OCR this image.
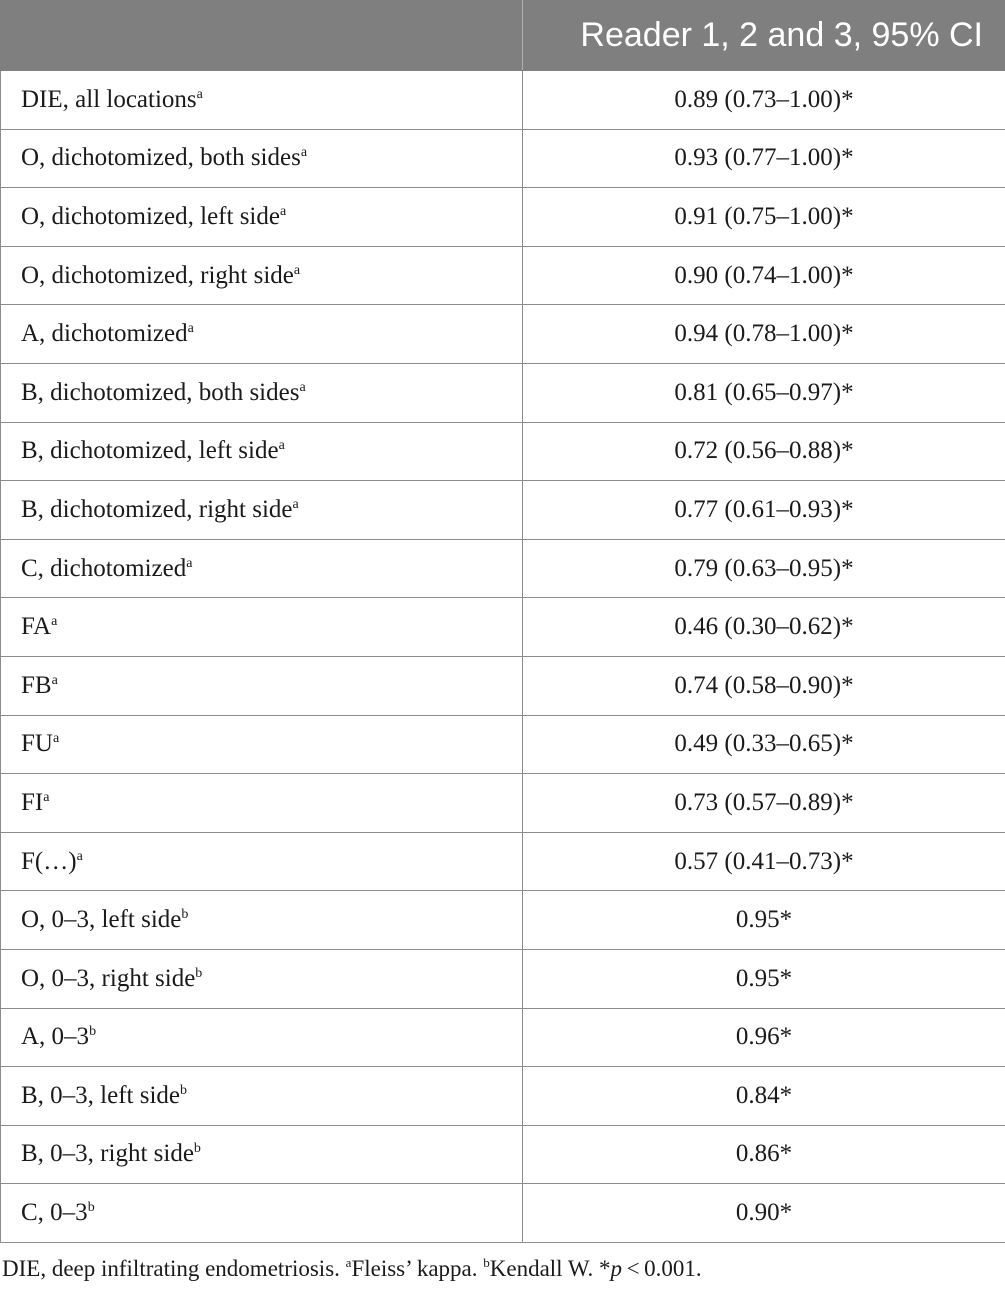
	Reader 1, 2 and 3, 95% CI
DIE, all locations$^a$	0.89 (0.73–1.00)*
O, dichotomized, both sides$^a$	0.93 (0.77–1.00)*
O, dichotomized, left side$^a$	0.91 (0.75–1.00)*
O, dichotomized, right side$^a$	0.90 (0.74–1.00)*
A, dichotomized$^a$	0.94 (0.78–1.00)*
B, dichotomized, both sides$^a$	0.81 (0.65–0.97)*
B, dichotomized, left side$^a$	0.72 (0.56–0.88)*
B, dichotomized, right side$^a$	0.77 (0.61–0.93)*
C, dichotomized$^a$	0.79 (0.63–0.95)*
$FA^a$	0.46 (0.30–0.62)*
$FB^a$	0.74 (0.58–0.90)*
$FU^a$	0.49 (0.33–0.65)*
$FI^a$	0.73 (0.57–0.89)*
F(…)$^a$	0.57 (0.41–0.73)*
O, 0–3, left side$^b$	0.95*
O, 0–3, right side$^b$	0.95*
A, 0–3$^b$	0.96*
B, 0–3, left side$^b$	0.84*
B, 0–3, right side$^b$	0.86*
C, 0–3$^b$	0.90*
DIE, deep infiltrating endometriosis. $^a$Fleiss’ kappa. $^b$Kendall W. *p < 0.001.
